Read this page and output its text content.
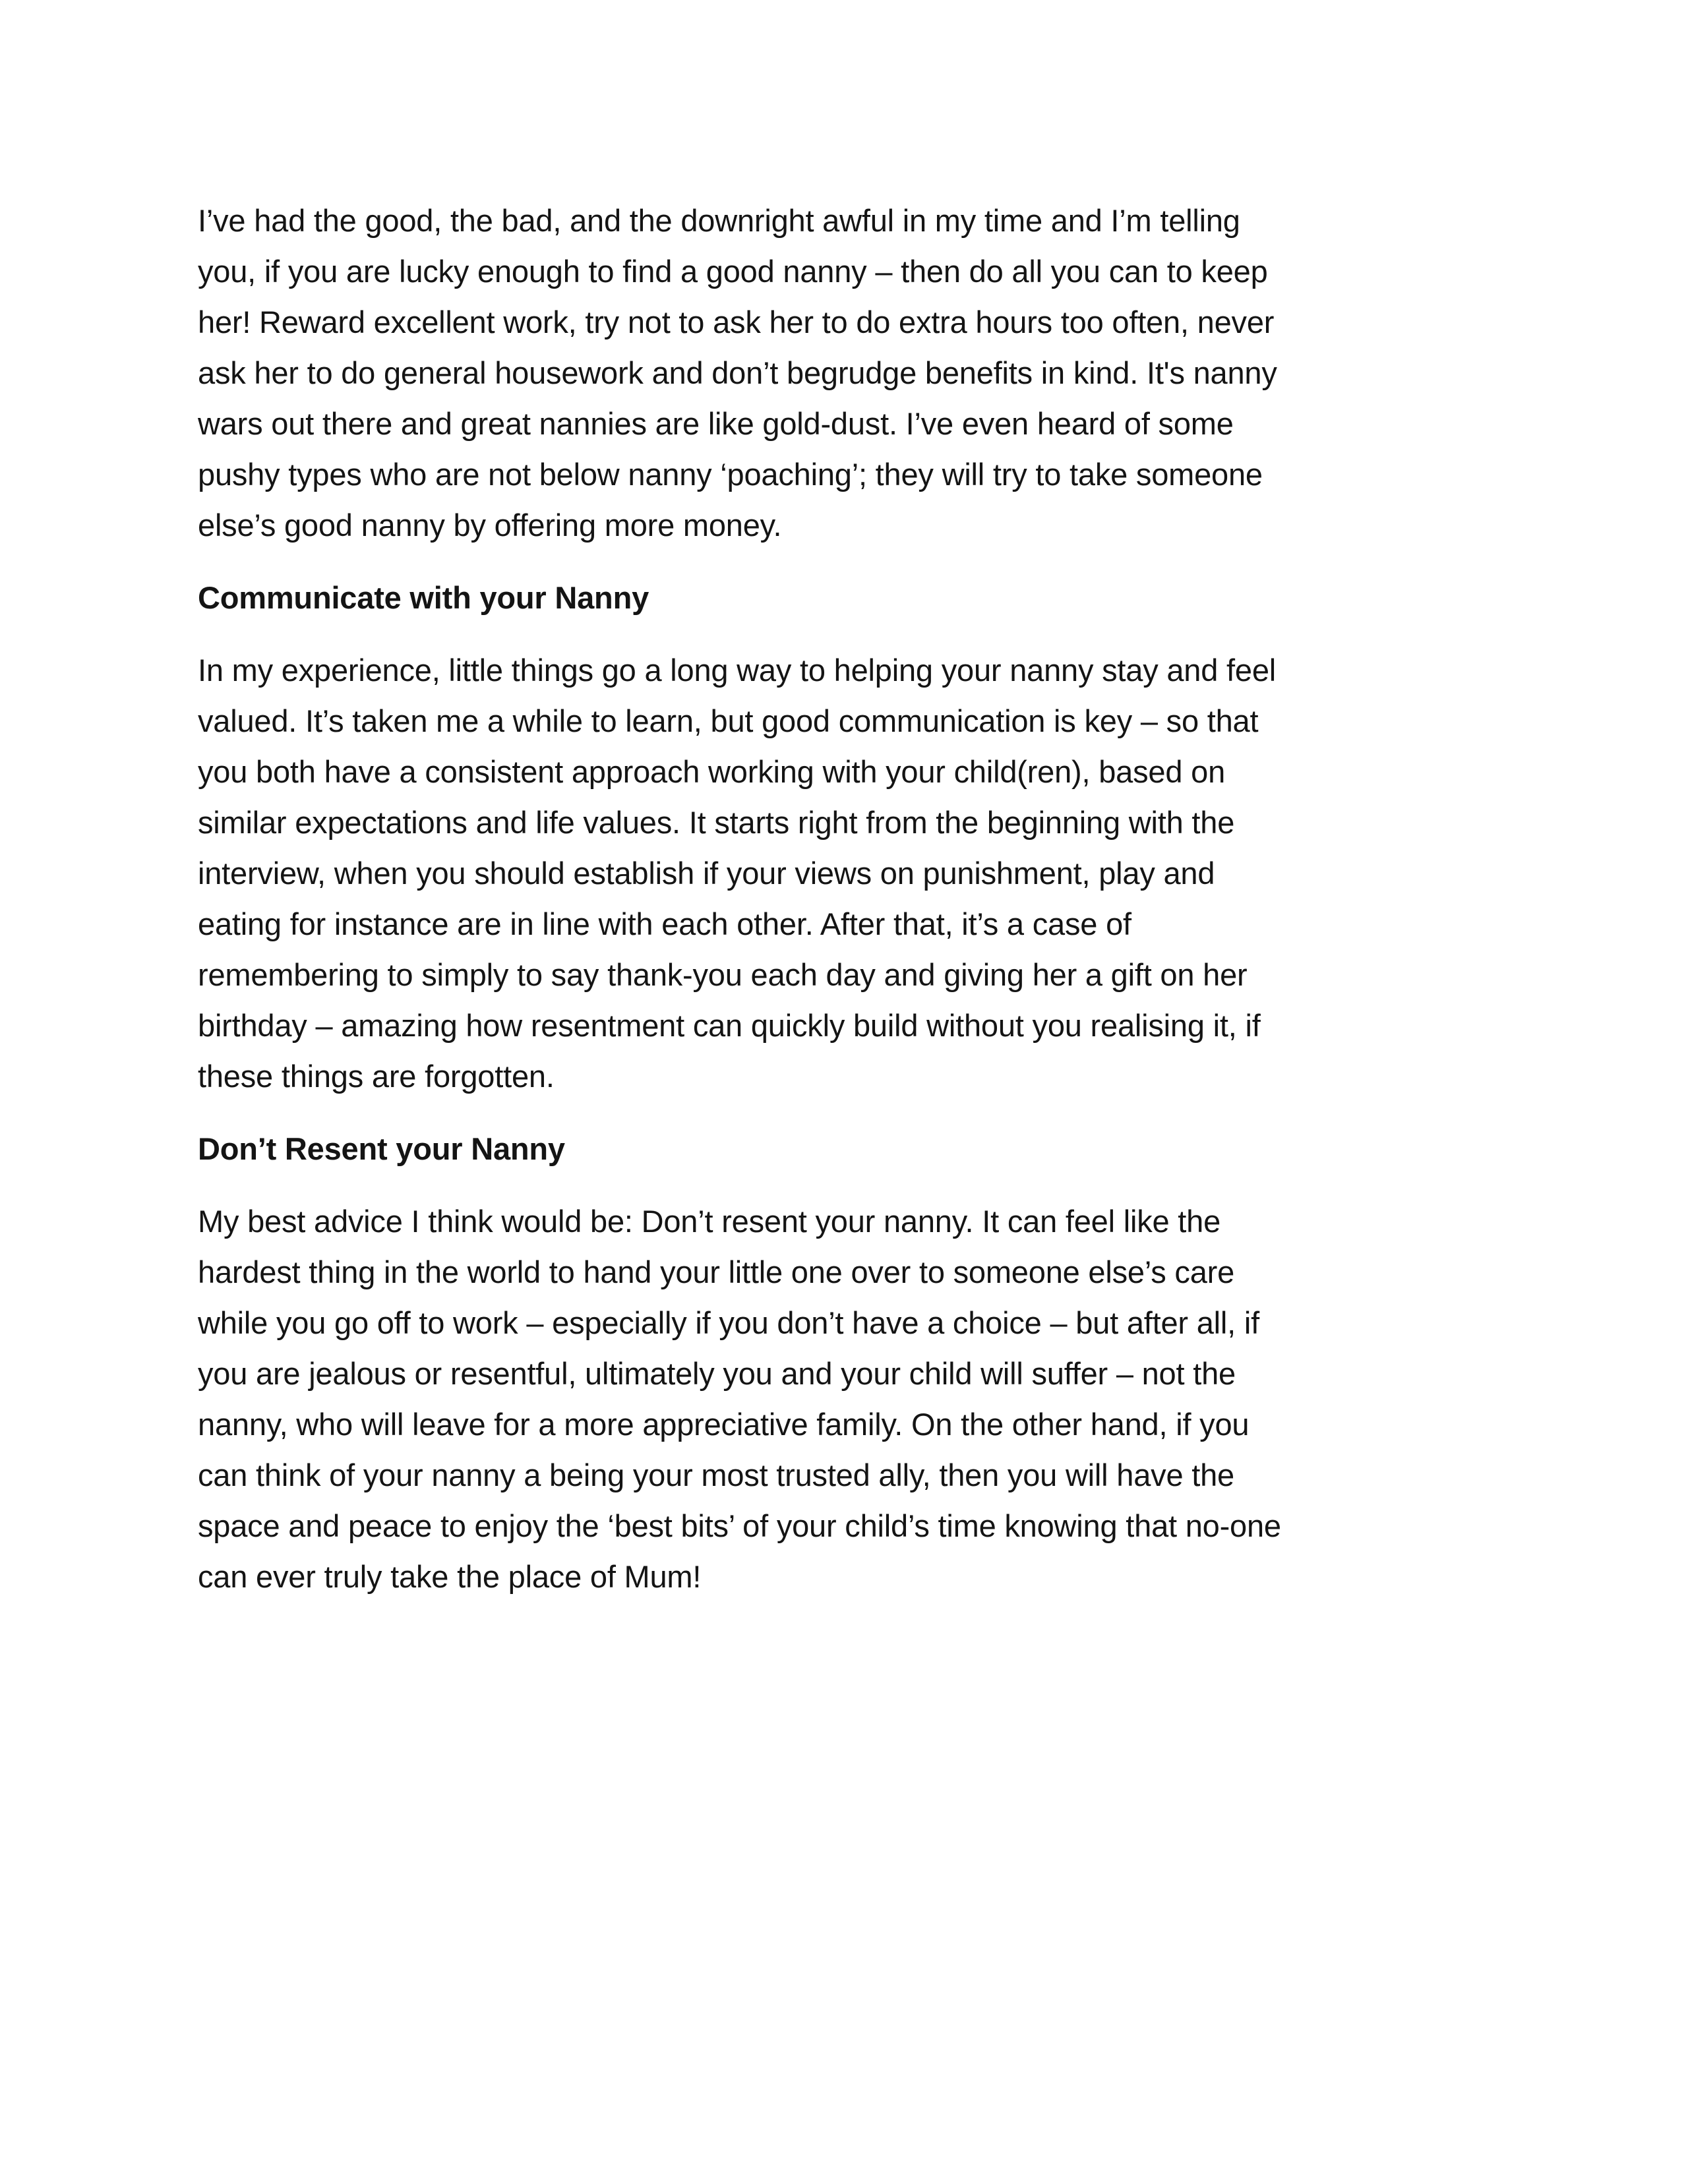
I’ve had the good, the bad, and the downright awful in my time and I’m telling
you, if you are lucky enough to find a good nanny – then do all you can to keep
her! Reward excellent work, try not to ask her to do extra hours too often, never
ask her to do general housework and don’t begrudge benefits in kind. It's nanny
wars out there and great nannies are like gold-dust. I’ve even heard of some
pushy types who are not below nanny ‘poaching’; they will try to take someone
else’s good nanny by offering more money.

Communicate with your Nanny

In my experience, little things go a long way to helping your nanny stay and feel
valued. It’s taken me a while to learn, but good communication is key – so that
you both have a consistent approach working with your child(ren), based on
similar expectations and life values. It starts right from the beginning with the
interview, when you should establish if your views on punishment, play and
eating for instance are in line with each other. After that, it’s a case of
remembering to simply to say thank-you each day and giving her a gift on her
birthday – amazing how resentment can quickly build without you realising it, if
these things are forgotten.

Don’t Resent your Nanny

My best advice I think would be: Don’t resent your nanny. It can feel like the
hardest thing in the world to hand your little one over to someone else’s care
while you go off to work – especially if you don’t have a choice – but after all, if
you are jealous or resentful, ultimately you and your child will suffer – not the
nanny, who will leave for a more appreciative family. On the other hand, if you
can think of your nanny a being your most trusted ally, then you will have the
space and peace to enjoy the ‘best bits’ of your child’s time knowing that no-one
can ever truly take the place of Mum!
